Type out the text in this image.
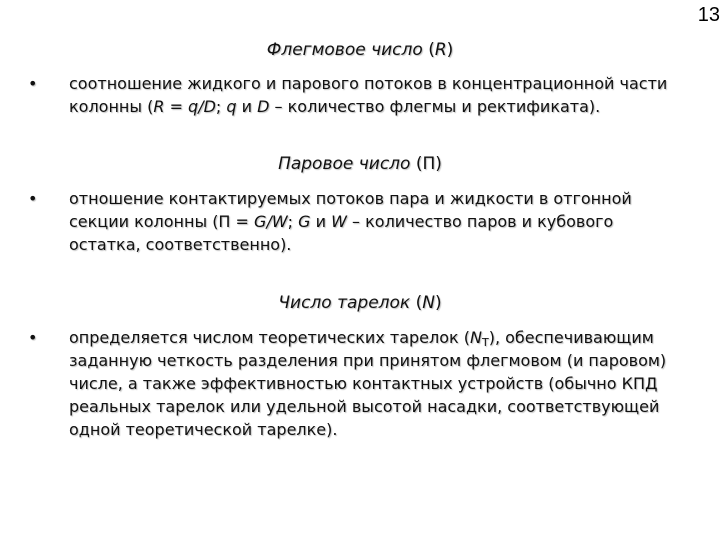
13
Флегмовое число (R)
•	соотношение жидкого и парового потоков в концентрационной части
колонны (R = q/D; q и D – количество флегмы и ректификата).
Паровое число (П)
•	отношение контактируемых потоков пара и жидкости в отгонной
секции колонны (П = G/W; G и W – количество паров и кубового
остатка, соответственно).
Число тарелок (N)
•	определяется числом теоретических тарелок $(N_T)$, обеспечивающим
заданную четкость разделения при принятом флегмовом (и паровом)
числе, а также эффективностью контактных устройств (обычно КПД
реальных тарелок или удельной высотой насадки, соответствующей
одной теоретической тарелке).
